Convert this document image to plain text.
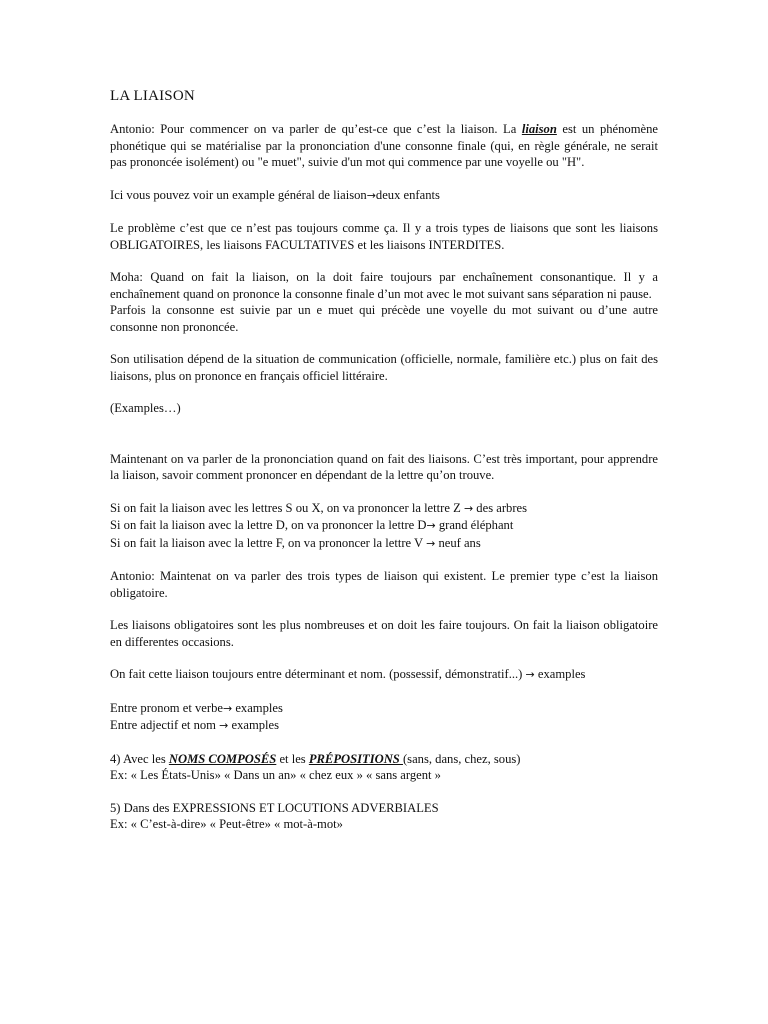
LA LIAISON

Antonio: Pour commencer on va parler de qu’est-ce que c’est la liaison. La liaison est un phénomène phonétique qui se matérialise par la prononciation d'une consonne finale (qui, en règle générale, ne serait pas prononcée isolément) ou "e muet", suivie d'un mot qui commence par une voyelle ou "H".

Ici vous pouvez voir un example général de liaison→deux enfants

Le problème c’est que ce n’est pas toujours comme ça. Il y a trois types de liaisons que sont les liaisons OBLIGATOIRES, les liaisons FACULTATIVES et les liaisons INTERDITES.

Moha: Quand on fait la liaison, on la doit faire toujours par enchaînement consonantique. Il y a enchaînement quand on prononce la consonne finale d’un mot avec le mot suivant sans séparation ni pause.
Parfois la consonne est suivie par un e muet qui précède une voyelle du mot suivant ou d’une autre consonne non prononcée.

Son utilisation dépend de la situation de communication (officielle, normale, familière etc.) plus on fait des liaisons, plus on prononce en français officiel littéraire.

(Examples…)

Maintenant on va parler de la prononciation quand on fait des liaisons. C’est très important, pour apprendre la liaison, savoir comment prononcer en dépendant de la lettre qu’on trouve.

Si on fait la liaison avec les lettres S ou X, on va prononcer la lettre Z → des arbres
Si on fait la liaison avec la lettre D, on va prononcer la lettre D→ grand éléphant
Si on fait la liaison avec la lettre F, on va prononcer la lettre V → neuf ans

Antonio: Maintenat on va parler des trois types de liaison qui existent. Le premier type c’est la liaison obligatoire.

Les liaisons obligatoires sont les plus nombreuses et on doit les faire toujours. On fait la liaison obligatoire en differentes occasions.

On fait cette liaison toujours entre déterminant et nom. (possessif, démonstratif...) → examples

Entre pronom et verbe→ examples
Entre adjectif et nom → examples

4) Avec les NOMS COMPOSÉS et les PRÉPOSITIONS (sans, dans, chez, sous)
Ex: « Les États-Unis» « Dans un an» « chez eux » « sans argent »

5) Dans des EXPRESSIONS ET LOCUTIONS ADVERBIALES
Ex: « C’est-à-dire» « Peut-être» « mot-à-mot»
